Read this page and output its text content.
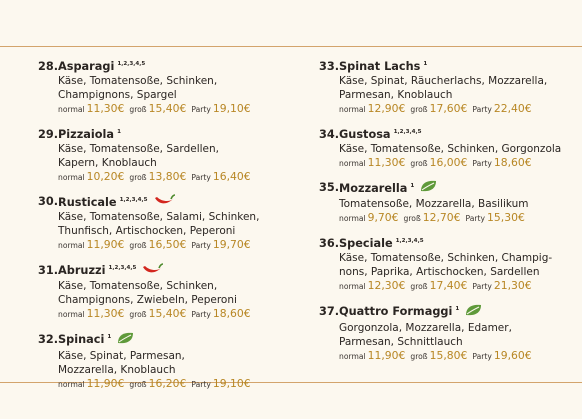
28.Asparagi $^{1,2,3,4,5}$
Käse, Tomatensoße, Schinken,
Champignons, Spargel
normal 11,30€ groß 15,40€ Party 19,10€
29.Pizzaiola $^1$
Käse, Tomatensoße, Sardellen,
Kapern, Knoblauch
normal 10,20€ groß 13,80€ Party 16,40€
30.Rusticale $^{1,2,3,4,5}$
Käse, Tomatensoße, Salami, Schinken,
Thunfisch, Artischocken, Peperoni
normal 11,90€ groß 16,50€ Party 19,70€
31.Abruzzi $^{1,2,3,4,5}$
Käse, Tomatensoße, Schinken,
Champignons, Zwiebeln, Peperoni
normal 11,30€ groß 15,40€ Party 18,60€
32.Spinaci $^1$
Käse, Spinat, Parmesan,
Mozzarella, Knoblauch
normal 11,90€ groß 16,20€ Party 19,10€
33.Spinat Lachs $^1$
Käse, Spinat, Räucherlachs, Mozzarella,
Parmesan, Knoblauch
normal 12,90€ groß 17,60€ Party 22,40€
34.Gustosa $^{1,2,3,4,5}$
Käse, Tomatensoße, Schinken, Gorgonzola
normal 11,30€ groß 16,00€ Party 18,60€
35.Mozzarella $^1$
Tomatensoße, Mozzarella, Basilikum
normal 9,70€ groß 12,70€ Party 15,30€
36.Speciale $^{1,2,3,4,5}$
Käse, Tomatensoße, Schinken, Champig-
nons, Paprika, Artischocken, Sardellen
normal 12,30€ groß 17,40€ Party 21,30€
37.Quattro Formaggi $^1$
Gorgonzola, Mozzarella, Edamer,
Parmesan, Schnittlauch
normal 11,90€ groß 15,80€ Party 19,60€
